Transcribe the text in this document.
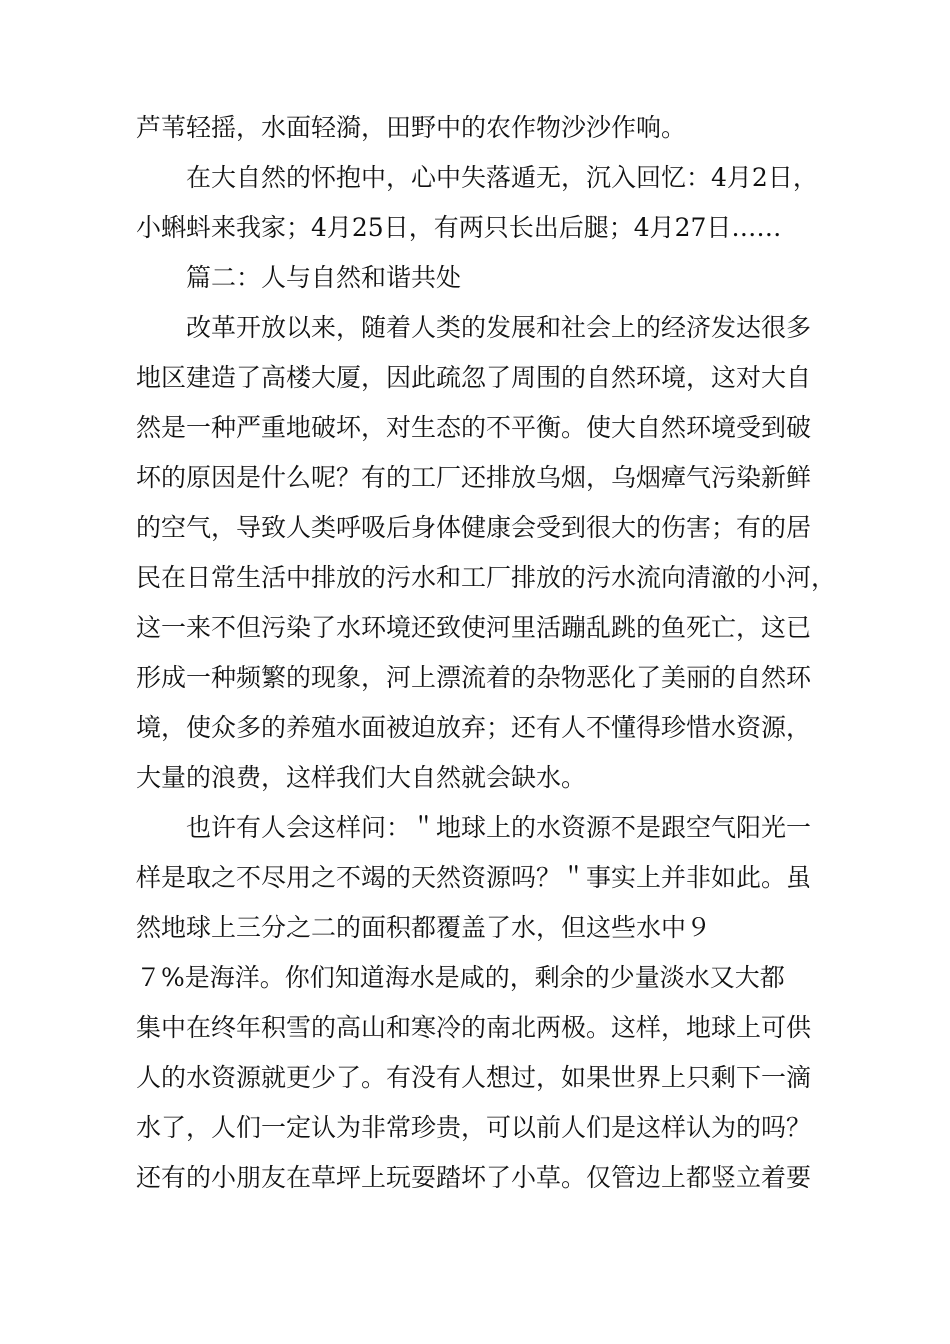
芦苇轻摇，水面轻漪，田野中的农作物沙沙作响。
在大自然的怀抱中，心中失落遁无，沉入回忆：4月2日，
小蝌蚪来我家；4月25日，有两只长出后腿；4月27日……
篇二：人与自然和谐共处
改革开放以来，随着人类的发展和社会上的经济发达很多
地区建造了高楼大厦，因此疏忽了周围的自然环境，这对大自
然是一种严重地破坏，对生态的不平衡。使大自然环境受到破
坏的原因是什么呢？有的工厂还排放乌烟，乌烟瘴气污染新鲜
的空气，导致人类呼吸后身体健康会受到很大的伤害；有的居
民在日常生活中排放的污水和工厂排放的污水流向清澈的小河，
这一来不但污染了水环境还致使河里活蹦乱跳的鱼死亡，这已
形成一种频繁的现象，河上漂流着的杂物恶化了美丽的自然环
境，使众多的养殖水面被迫放弃；还有人不懂得珍惜水资源，
大量的浪费，这样我们大自然就会缺水。
也许有人会这样问：＂地球上的水资源不是跟空气阳光一
样是取之不尽用之不竭的天然资源吗？＂事实上并非如此。虽
然地球上三分之二的面积都覆盖了水，但这些水中９
７%是海洋。你们知道海水是咸的，剩余的少量淡水又大都
集中在终年积雪的高山和寒冷的南北两极。这样，地球上可供
人的水资源就更少了。有没有人想过，如果世界上只剩下一滴
水了，人们一定认为非常珍贵，可以前人们是这样认为的吗？
还有的小朋友在草坪上玩耍踏坏了小草。仅管边上都竖立着要
